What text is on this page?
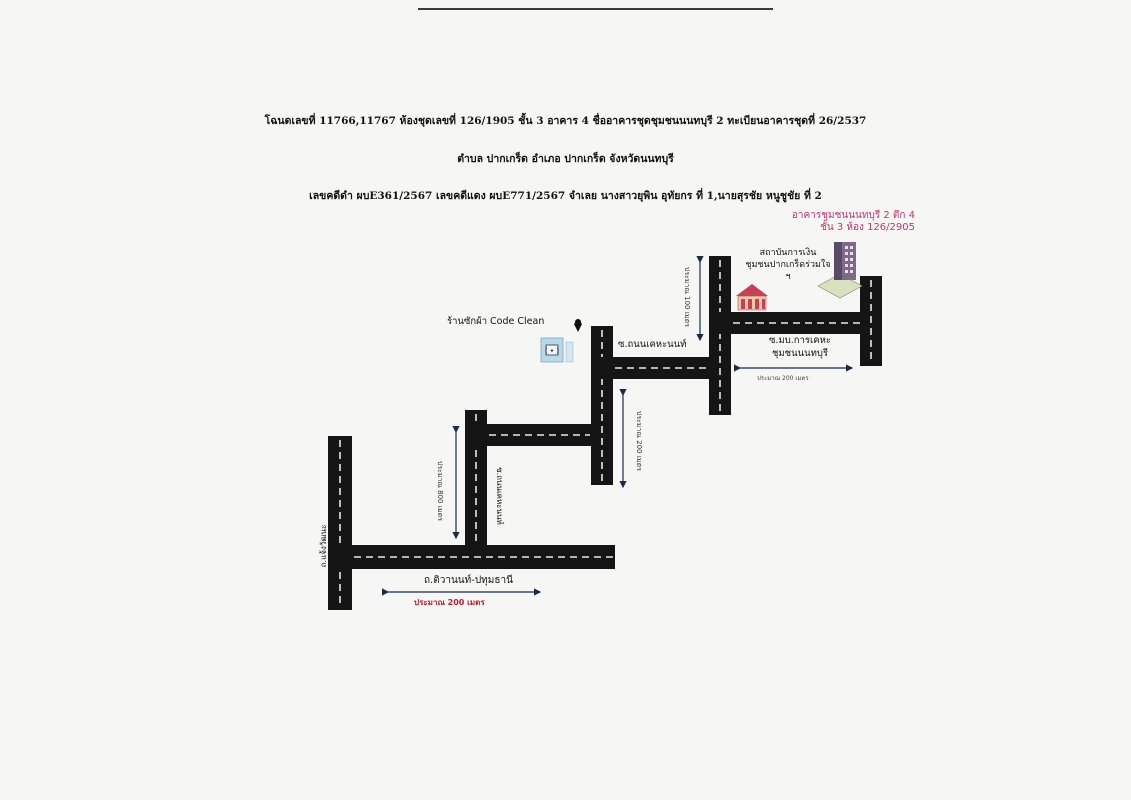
โฉนดเลขที่ 11766,11767 ห้องชุดเลขที่ 126/1905 ชั้น 3 อาคาร 4 ชื่ออาคารชุดชุมชนนนทบุรี 2 ทะเบียนอาคารชุดที่ 26/2537
ตำบล ปากเกร็ด อำเภอ ปากเกร็ด จังหวัดนนทบุรี
เลขคดีดำ ผบE361/2567 เลขคดีแดง ผบE771/2567 จำเลย นางสาวยุพิน อุทัยกร ที่ 1,นายสุรชัย หนูชูชัย ที่ 2
( • )
อาคารชุมชนนนทบุรี 2 ตึก 4
ชั้น 3 ห้อง 126/2905
สถาบันการเงิน
ชุมชนปากเกร็ดร่วมใจ
ฯ
ร้านซักผ้า Code Clean
ซ.ถนนเคหะนนท์	ซ.มบ.การเคหะ
ชุมชนนนทบุรี
ถ.ติวานนท์-ปทุมธานี
ประมาณ 200 เมตร
ประมาณ 200 เมตร
ถ.แจ้งวัฒนะ
ซ.ถนนเคหะนนท์
ประมาณ 800 เมตร
ประมาณ 200 เมตร
ประมาณ 100 เมตร
